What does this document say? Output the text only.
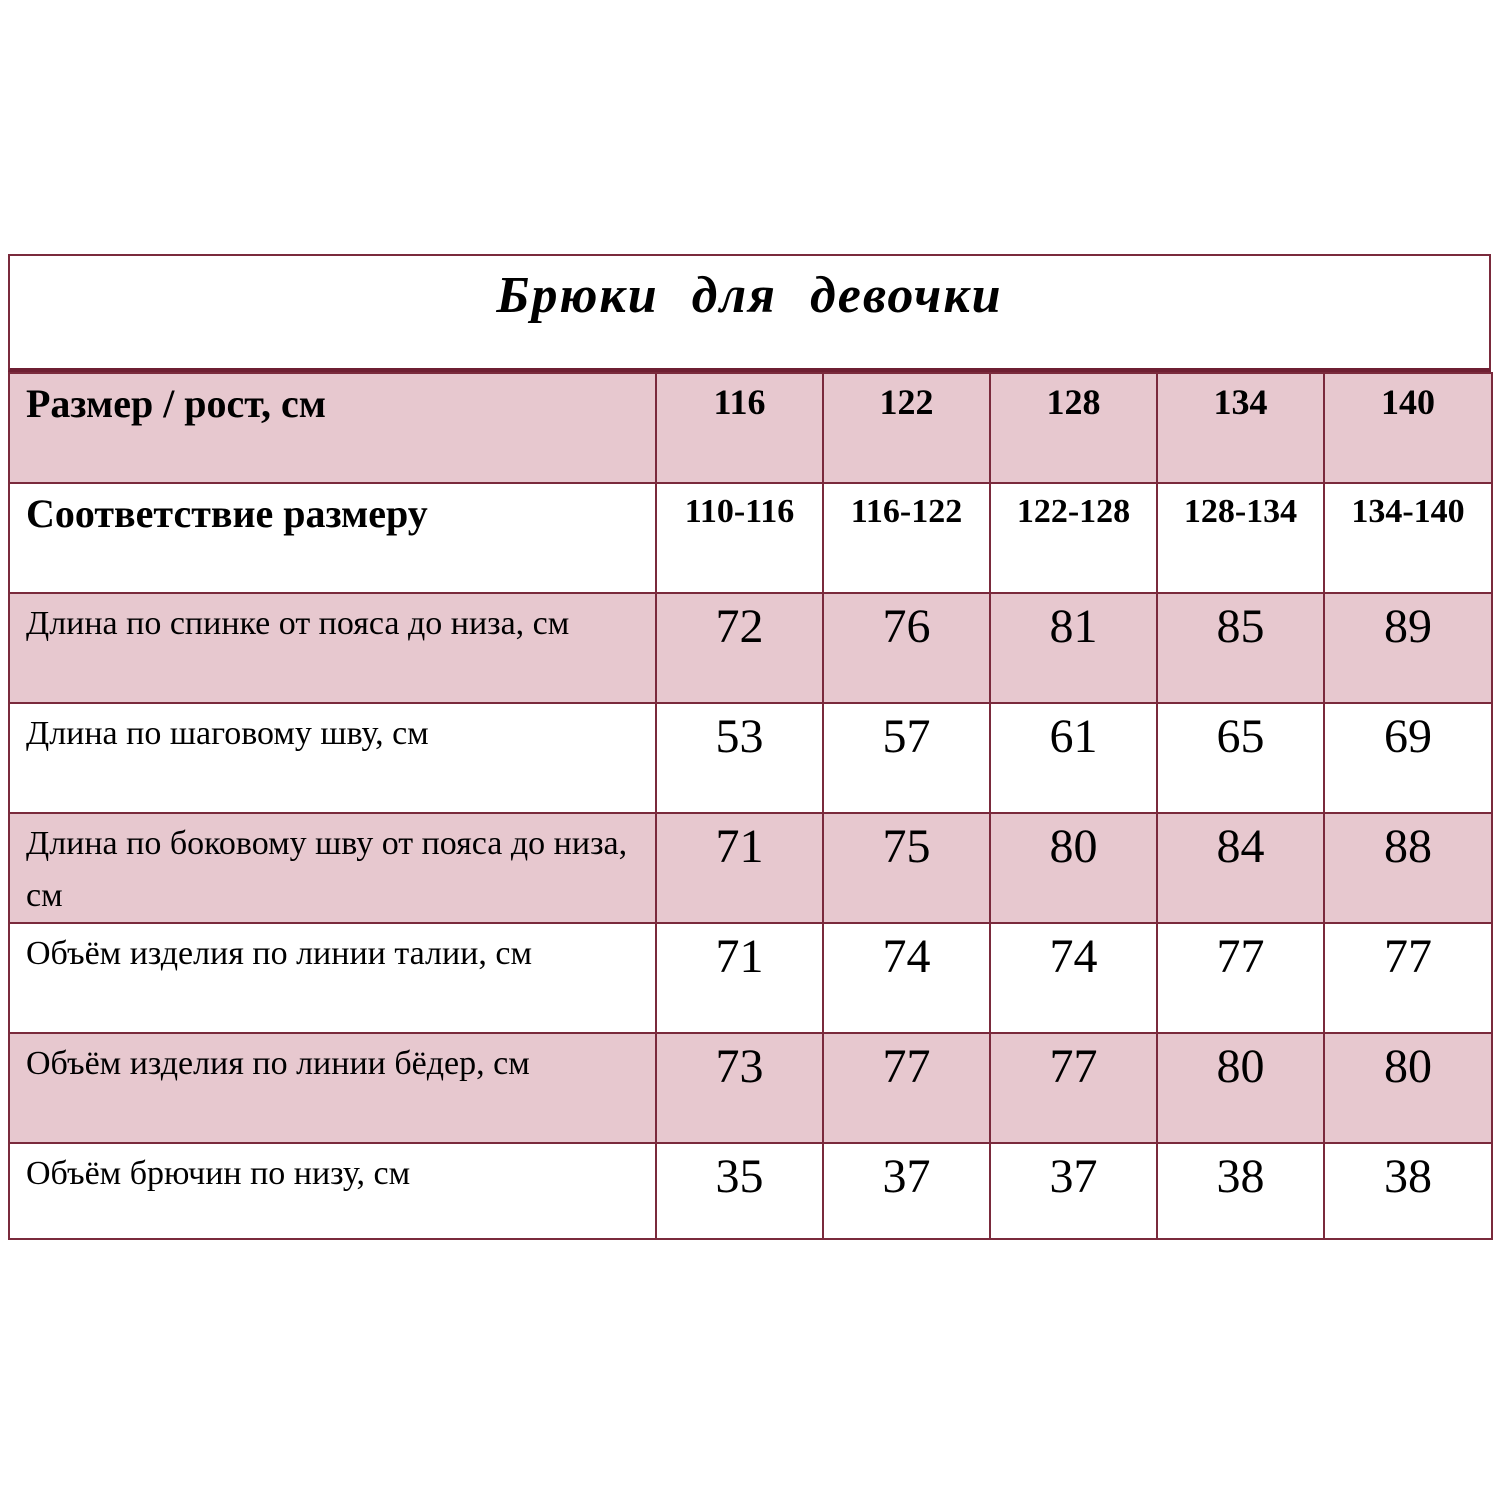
Брюки для девочки
Размер / рост, см	116	122	128	134	140
Соответствие размеру	110-116	116-122	122-128	128-134	134-140
Длина по спинке от пояса до низа, см	72	76	81	85	89
Длина по шаговому шву, см	53	57	61	65	69
Длина по боковому шву от пояса до низа, см	71	75	80	84	88
Объём изделия по линии талии, см	71	74	74	77	77
Объём изделия по линии бёдер, см	73	77	77	80	80
Объём брючин по низу, см	35	37	37	38	38
